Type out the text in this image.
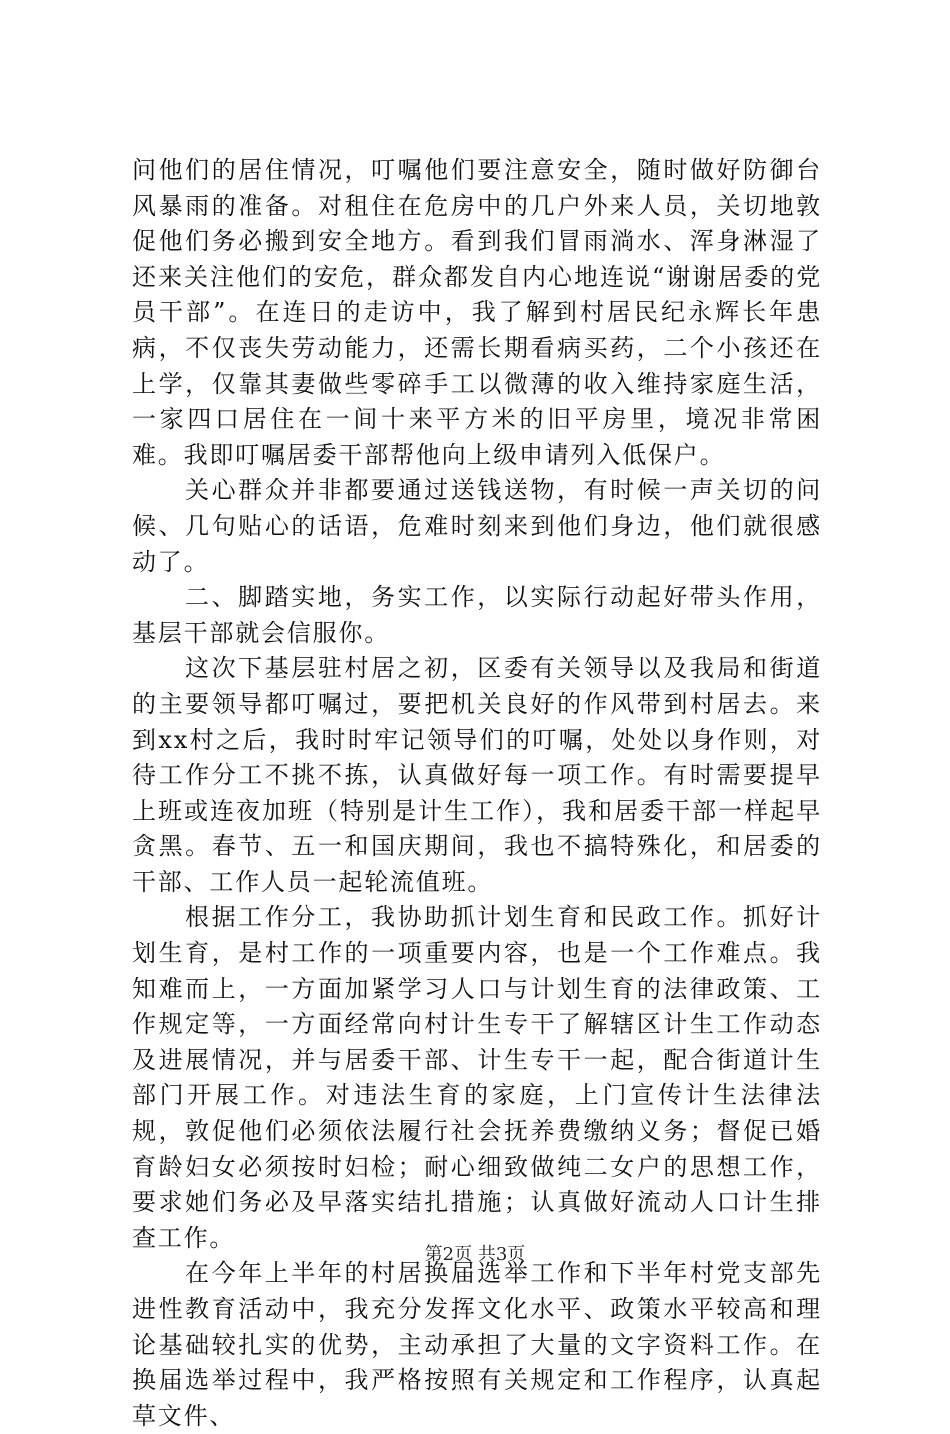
问他们的居住情况，叮嘱他们要注意安全，随时做好防御台风暴雨的准备。对租住在危房中的几户外来人员，关切地敦促他们务必搬到安全地方。看到我们冒雨淌水、浑身淋湿了还来关注他们的安危，群众都发自内心地连说“谢谢居委的党员干部”。在连日的走访中，我了解到村居民纪永辉长年患病，不仅丧失劳动能力，还需长期看病买药，二个小孩还在上学，仅靠其妻做些零碎手工以微薄的收入维持家庭生活，一家四口居住在一间十来平方米的旧平房里，境况非常困难。我即叮嘱居委干部帮他向上级申请列入低保户。

关心群众并非都要通过送钱送物，有时候一声关切的问候、几句贴心的话语，危难时刻来到他们身边，他们就很感动了。

二、脚踏实地，务实工作，以实际行动起好带头作用，基层干部就会信服你。

这次下基层驻村居之初，区委有关领导以及我局和街道的主要领导都叮嘱过，要把机关良好的作风带到村居去。来到xx村之后，我时时牢记领导们的叮嘱，处处以身作则，对待工作分工不挑不拣，认真做好每一项工作。有时需要提早上班或连夜加班（特别是计生工作），我和居委干部一样起早贪黑。春节、五一和国庆期间，我也不搞特殊化，和居委的干部、工作人员一起轮流值班。

根据工作分工，我协助抓计划生育和民政工作。抓好计划生育，是村工作的一项重要内容，也是一个工作难点。我知难而上，一方面加紧学习人口与计划生育的法律政策、工作规定等，一方面经常向村计生专干了解辖区计生工作动态及进展情况，并与居委干部、计生专干一起，配合街道计生部门开展工作。对违法生育的家庭，上门宣传计生法律法规，敦促他们必须依法履行社会抚养费缴纳义务；督促已婚育龄妇女必须按时妇检；耐心细致做纯二女户的思想工作，要求她们务必及早落实结扎措施；认真做好流动人口计生排查工作。

在今年上半年的村居换届选举工作和下半年村党支部先进性教育活动中，我充分发挥文化水平、政策水平较高和理论基础较扎实的优势，主动承担了大量的文字资料工作。在换届选举过程中，我严格按照有关规定和工作程序，认真起草文件、

第2页 共3页
